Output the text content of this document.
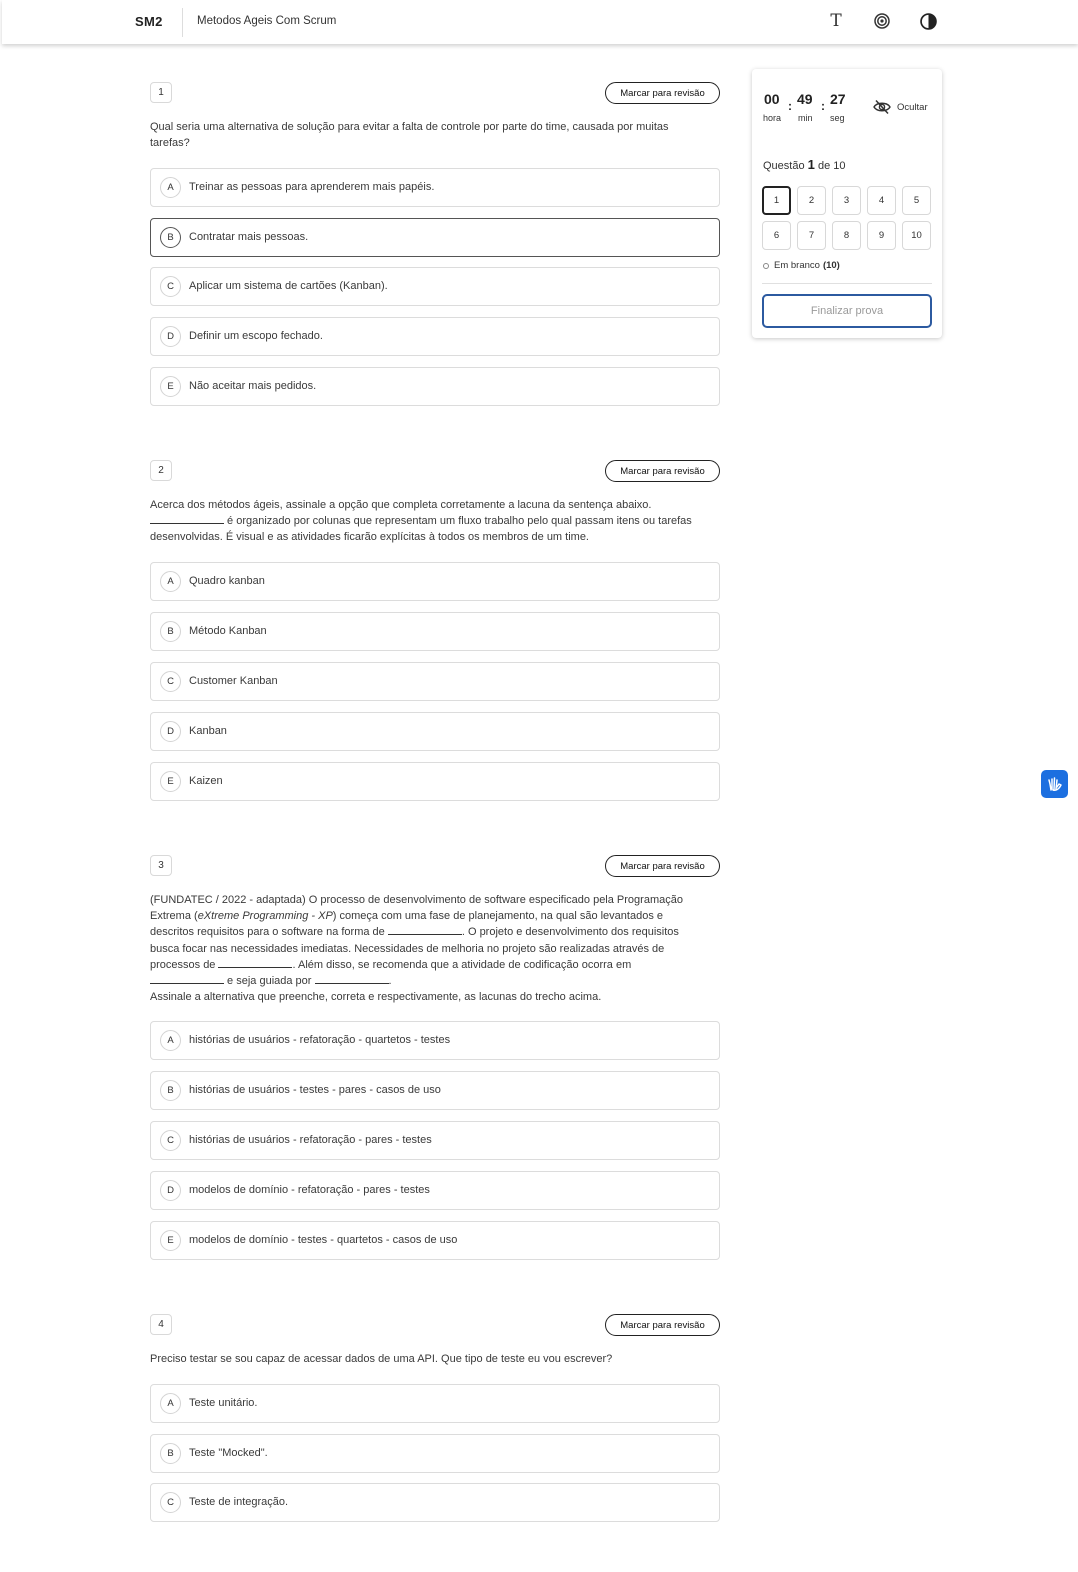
SM2	Metodos Ageis Com Scrum	T
1	Marcar para revisão
Qual seria uma alternativa de solução para evitar a falta de controle por parte do time, causada por muitas
tarefas?
A	Treinar as pessoas para aprenderem mais papéis.
B	Contratar mais pessoas.
C	Aplicar um sistema de cartões (Kanban).
D	Definir um escopo fechado.
E	Não aceitar mais pedidos.
2	Marcar para revisão
Acerca dos métodos ágeis, assinale a opção que completa corretamente a lacuna da sentença abaixo.
é organizado por colunas que representam um fluxo trabalho pelo qual passam itens ou tarefas
desenvolvidas. É visual e as atividades ficarão explícitas à todos os membros de um time.
A	Quadro kanban
B	Método Kanban
C	Customer Kanban
D	Kanban
E	Kaizen
3	Marcar para revisão
(FUNDATEC / 2022 - adaptada) O processo de desenvolvimento de software especificado pela Programação
Extrema (eXtreme Programming - XP) começa com uma fase de planejamento, na qual são levantados e
descritos requisitos para o software na forma de	. O projeto e desenvolvimento dos requisitos
busca focar nas necessidades imediatas. Necessidades de melhoria no projeto são realizadas através de
processos de	. Além disso, se recomenda que a atividade de codificação ocorra em
e seja guiada por	.
Assinale a alternativa que preenche, correta e respectivamente, as lacunas do trecho acima.
A	histórias de usuários - refatoração - quartetos - testes
B	histórias de usuários - testes - pares - casos de uso
C	histórias de usuários - refatoração - pares - testes
D	modelos de domínio - refatoração - pares - testes
E	modelos de domínio - testes - quartetos - casos de uso
4	Marcar para revisão
Preciso testar se sou capaz de acessar dados de uma API. Que tipo de teste eu vou escrever?
A	Teste unitário.
B	Teste "Mocked".
C	Teste de integração.
00 : 49 : 27
hora min seg
Ocultar
Questão 1 de 10
1	2	3	4	5
6	7	8	9	10
Em branco (10)
Finalizar prova
